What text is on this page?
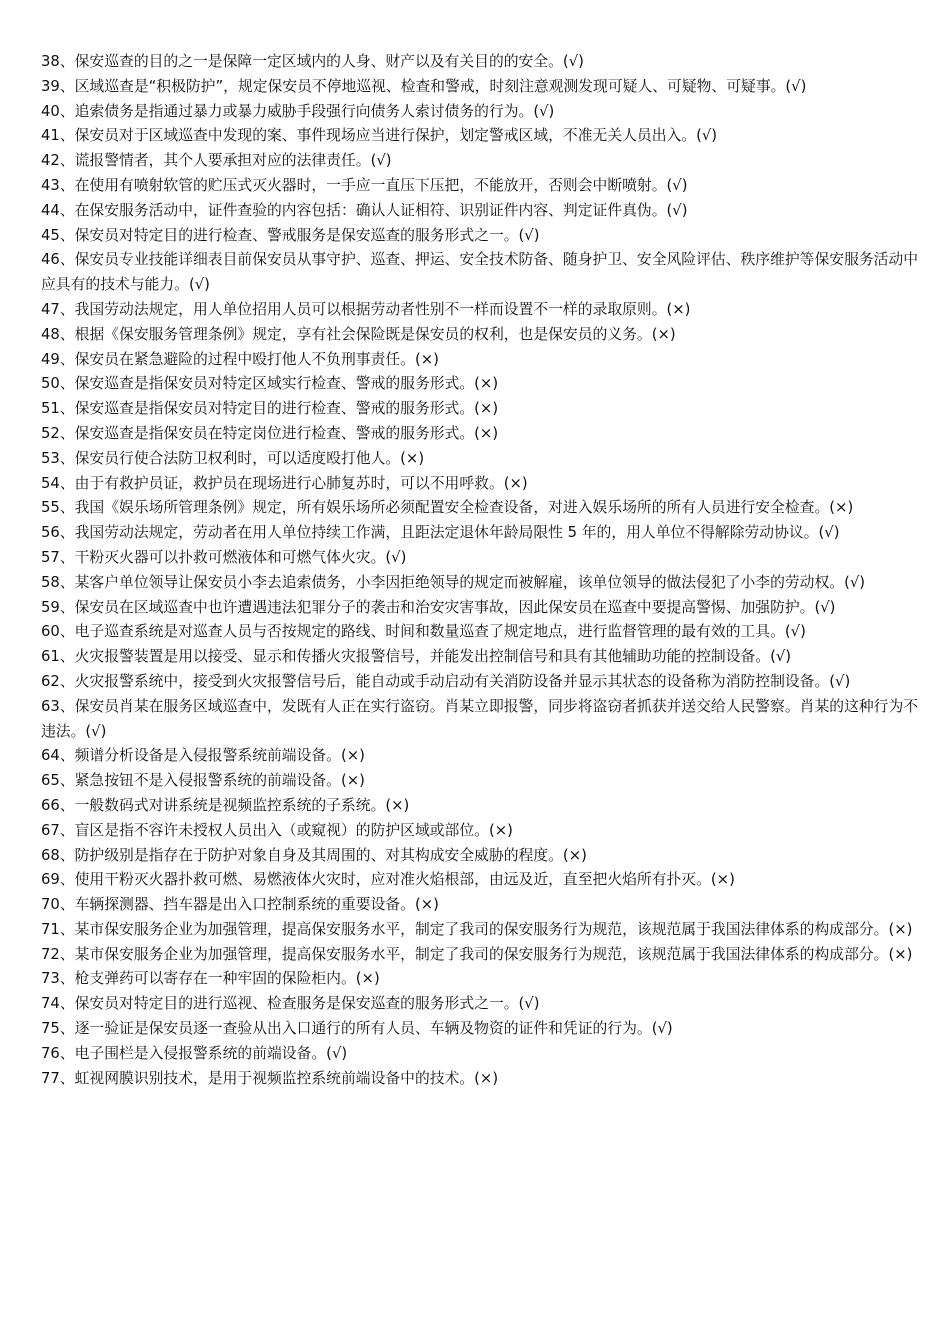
38、保安巡查的目的之一是保障一定区域内的人身、财产以及有关目的的安全。(√)

39、区域巡查是“积极防护”，规定保安员不停地巡视、检查和警戒，时刻注意观测发现可疑人、可疑物、可疑事。(√)

40、追索债务是指通过暴力或暴力威胁手段强行向债务人索讨债务的行为。(√)

41、保安员对于区域巡查中发现的案、事件现场应当进行保护，划定警戒区域，不准无关人员出入。(√)

42、谎报警情者，其个人要承担对应的法律责任。(√)

43、在使用有喷射软管的贮压式灭火器时，一手应一直压下压把，不能放开，否则会中断喷射。(√)

44、在保安服务活动中，证件查验的内容包括：确认人证相符、识别证件内容、判定证件真伪。(√)

45、保安员对特定目的进行检查、警戒服务是保安巡查的服务形式之一。(√)

46、保安员专业技能详细表目前保安员从事守护、巡查、押运、安全技术防备、随身护卫、安全风险评估、秩序维护等保安服务活动中应具有的技术与能力。(√)

47、我国劳动法规定，用人单位招用人员可以根据劳动者性别不一样而设置不一样的录取原则。(×)

48、根据《保安服务管理条例》规定，享有社会保险既是保安员的权利，也是保安员的义务。(×)

49、保安员在紧急避险的过程中殴打他人不负刑事责任。(×)

50、保安巡查是指保安员对特定区域实行检查、警戒的服务形式。(×)

51、保安巡查是指保安员对特定目的进行检查、警戒的服务形式。(×)

52、保安巡查是指保安员在特定岗位进行检查、警戒的服务形式。(×)

53、保安员行使合法防卫权利时，可以适度殴打他人。(×)

54、由于有救护员证，救护员在现场进行心肺复苏时，可以不用呼救。(×)

55、我国《娱乐场所管理条例》规定，所有娱乐场所必须配置安全检查设备，对进入娱乐场所的所有人员进行安全检查。(×)

56、我国劳动法规定，劳动者在用人单位持续工作满，且距法定退休年龄局限性 5 年的，用人单位不得解除劳动协议。(√)

57、干粉灭火器可以扑救可燃液体和可燃气体火灾。(√)

58、某客户单位领导让保安员小李去追索债务，小李因拒绝领导的规定而被解雇，该单位领导的做法侵犯了小李的劳动权。(√)

59、保安员在区域巡查中也许遭遇违法犯罪分子的袭击和治安灾害事故，因此保安员在巡查中要提高警惕、加强防护。(√)

60、电子巡查系统是对巡查人员与否按规定的路线、时间和数量巡查了规定地点，进行监督管理的最有效的工具。(√)

61、火灾报警装置是用以接受、显示和传播火灾报警信号，并能发出控制信号和具有其他辅助功能的控制设备。(√)

62、火灾报警系统中，接受到火灾报警信号后，能自动或手动启动有关消防设备并显示其状态的设备称为消防控制设备。(√)

63、保安员肖某在服务区域巡查中，发既有人正在实行盗窃。肖某立即报警，同步将盗窃者抓获并送交给人民警察。肖某的这种行为不违法。(√)

64、频谱分析设备是入侵报警系统前端设备。(×)

65、紧急按钮不是入侵报警系统的前端设备。(×)

66、一般数码式对讲系统是视频监控系统的子系统。(×)

67、盲区是指不容许未授权人员出入（或窥视）的防护区域或部位。(×)

68、防护级别是指存在于防护对象自身及其周围的、对其构成安全威胁的程度。(×)

69、使用干粉灭火器扑救可燃、易燃液体火灾时，应对准火焰根部，由远及近，直至把火焰所有扑灭。(×)

70、车辆探测器、挡车器是出入口控制系统的重要设备。(×)

71、某市保安服务企业为加强管理，提高保安服务水平，制定了我司的保安服务行为规范，该规范属于我国法律体系的构成部分。(×)

72、某市保安服务企业为加强管理，提高保安服务水平，制定了我司的保安服务行为规范，该规范属于我国法律体系的构成部分。(×)

73、枪支弹药可以寄存在一种牢固的保险柜内。(×)

74、保安员对特定目的进行巡视、检查服务是保安巡查的服务形式之一。(√)

75、逐一验证是保安员逐一查验从出入口通行的所有人员、车辆及物资的证件和凭证的行为。(√)

76、电子围栏是入侵报警系统的前端设备。(√)

77、虹视网膜识别技术，是用于视频监控系统前端设备中的技术。(×)
